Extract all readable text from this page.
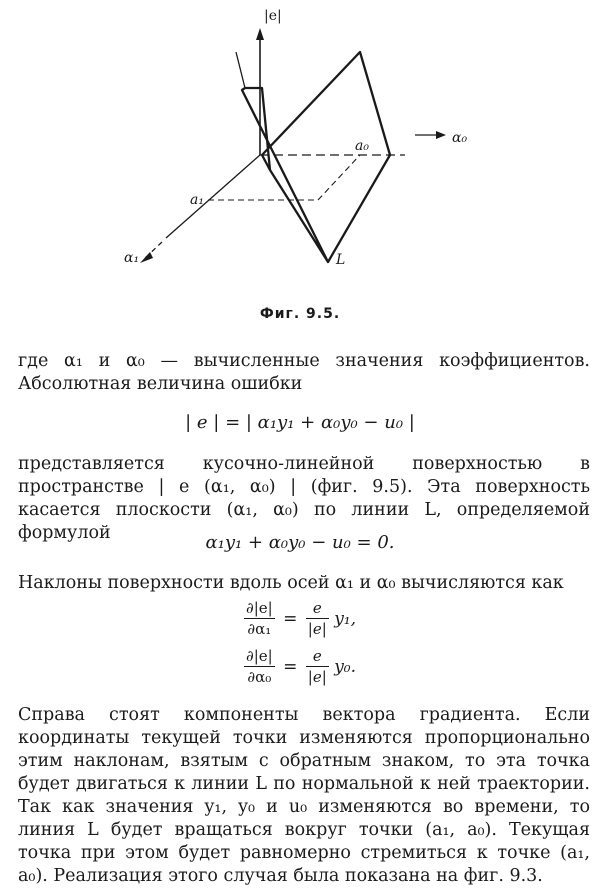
|e|
α₀
a₀
a₁
α₁	L
Фиг. 9.5.
где α₁ и α₀ — вычисленные значения коэффициентов.
Абсолютная величина ошибки
| e | = | α₁y₁ + α₀y₀ − u₀ |
представляется кусочно-линейной поверхностью в пространстве | e (α₁, α₀) | (фиг. 9.5). Эта поверхность касается плоскости (α₁, α₀) по линии L, определяемой формулой	α₁y₁ + α₀y₀ − u₀ = 0.
Наклоны поверхности вдоль осей α₁ и α₀ вычисляются как
$\frac{\partial|e|}{\text{∂α₁}} = \frac{e}{|e|} y_1$,
$\frac{\partial|e|}{\text{∂α₀}} = \frac{e}{|e|} y_0$.
Справа стоят компоненты вектора градиента. Если координаты текущей точки изменяются пропорционально этим наклонам, взятым с обратным знаком, то эта точка будет двигаться к линии L по нормальной к ней траектории. Так как значения y₁, y₀ и u₀ изменяются во времени, то линия L будет вращаться вокруг точки (a₁, a₀). Текущая точка при этом будет равномерно стремиться к точке (a₁, a₀). Реализация этого случая была показана на фиг. 9.3.
